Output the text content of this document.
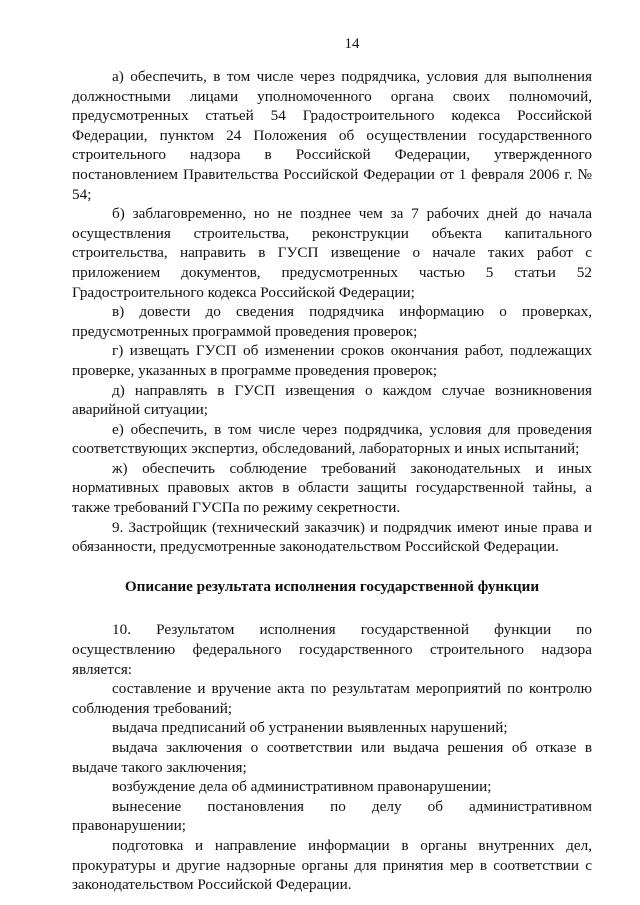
14

а) обеспечить, в том числе через подрядчика, условия для выполнения должностными лицами уполномоченного органа своих полномочий, предусмотренных статьей 54 Градостроительного кодекса Российской Федерации, пунктом 24 Положения об осуществлении государственного строительного надзора в Российской Федерации, утвержденного постановлением Правительства Российской Федерации от 1 февраля 2006 г. № 54;

б) заблаговременно, но не позднее чем за 7 рабочих дней до начала осуществления строительства, реконструкции объекта капитального строительства, направить в ГУСП извещение о начале таких работ с приложением документов, предусмотренных частью 5 статьи 52 Градостроительного кодекса Российской Федерации;

в) довести до сведения подрядчика информацию о проверках, предусмотренных программой проведения проверок;

г) извещать ГУСП об изменении сроков окончания работ, подлежащих проверке, указанных в программе проведения проверок;

д) направлять в ГУСП извещения о каждом случае возникновения аварийной ситуации;

е) обеспечить, в том числе через подрядчика, условия для проведения соответствующих экспертиз, обследований, лабораторных и иных испытаний;

ж) обеспечить соблюдение требований законодательных и иных нормативных правовых актов в области защиты государственной тайны, а также требований ГУСПа по режиму секретности.

9. Застройщик (технический заказчик) и подрядчик имеют иные права и обязанности, предусмотренные законодательством Российской Федерации.

Описание результата исполнения государственной функции

10. Результатом исполнения государственной функции по осуществлению федерального государственного строительного надзора является:

составление и вручение акта по результатам мероприятий по контролю соблюдения требований;

выдача предписаний об устранении выявленных нарушений;

выдача заключения о соответствии или выдача решения об отказе в выдаче такого заключения;

возбуждение дела об административном правонарушении;

вынесение постановления по делу об административном правонарушении;

подготовка и направление информации в органы внутренних дел, прокуратуры и другие надзорные органы для принятия мер в соответствии с законодательством Российской Федерации.
